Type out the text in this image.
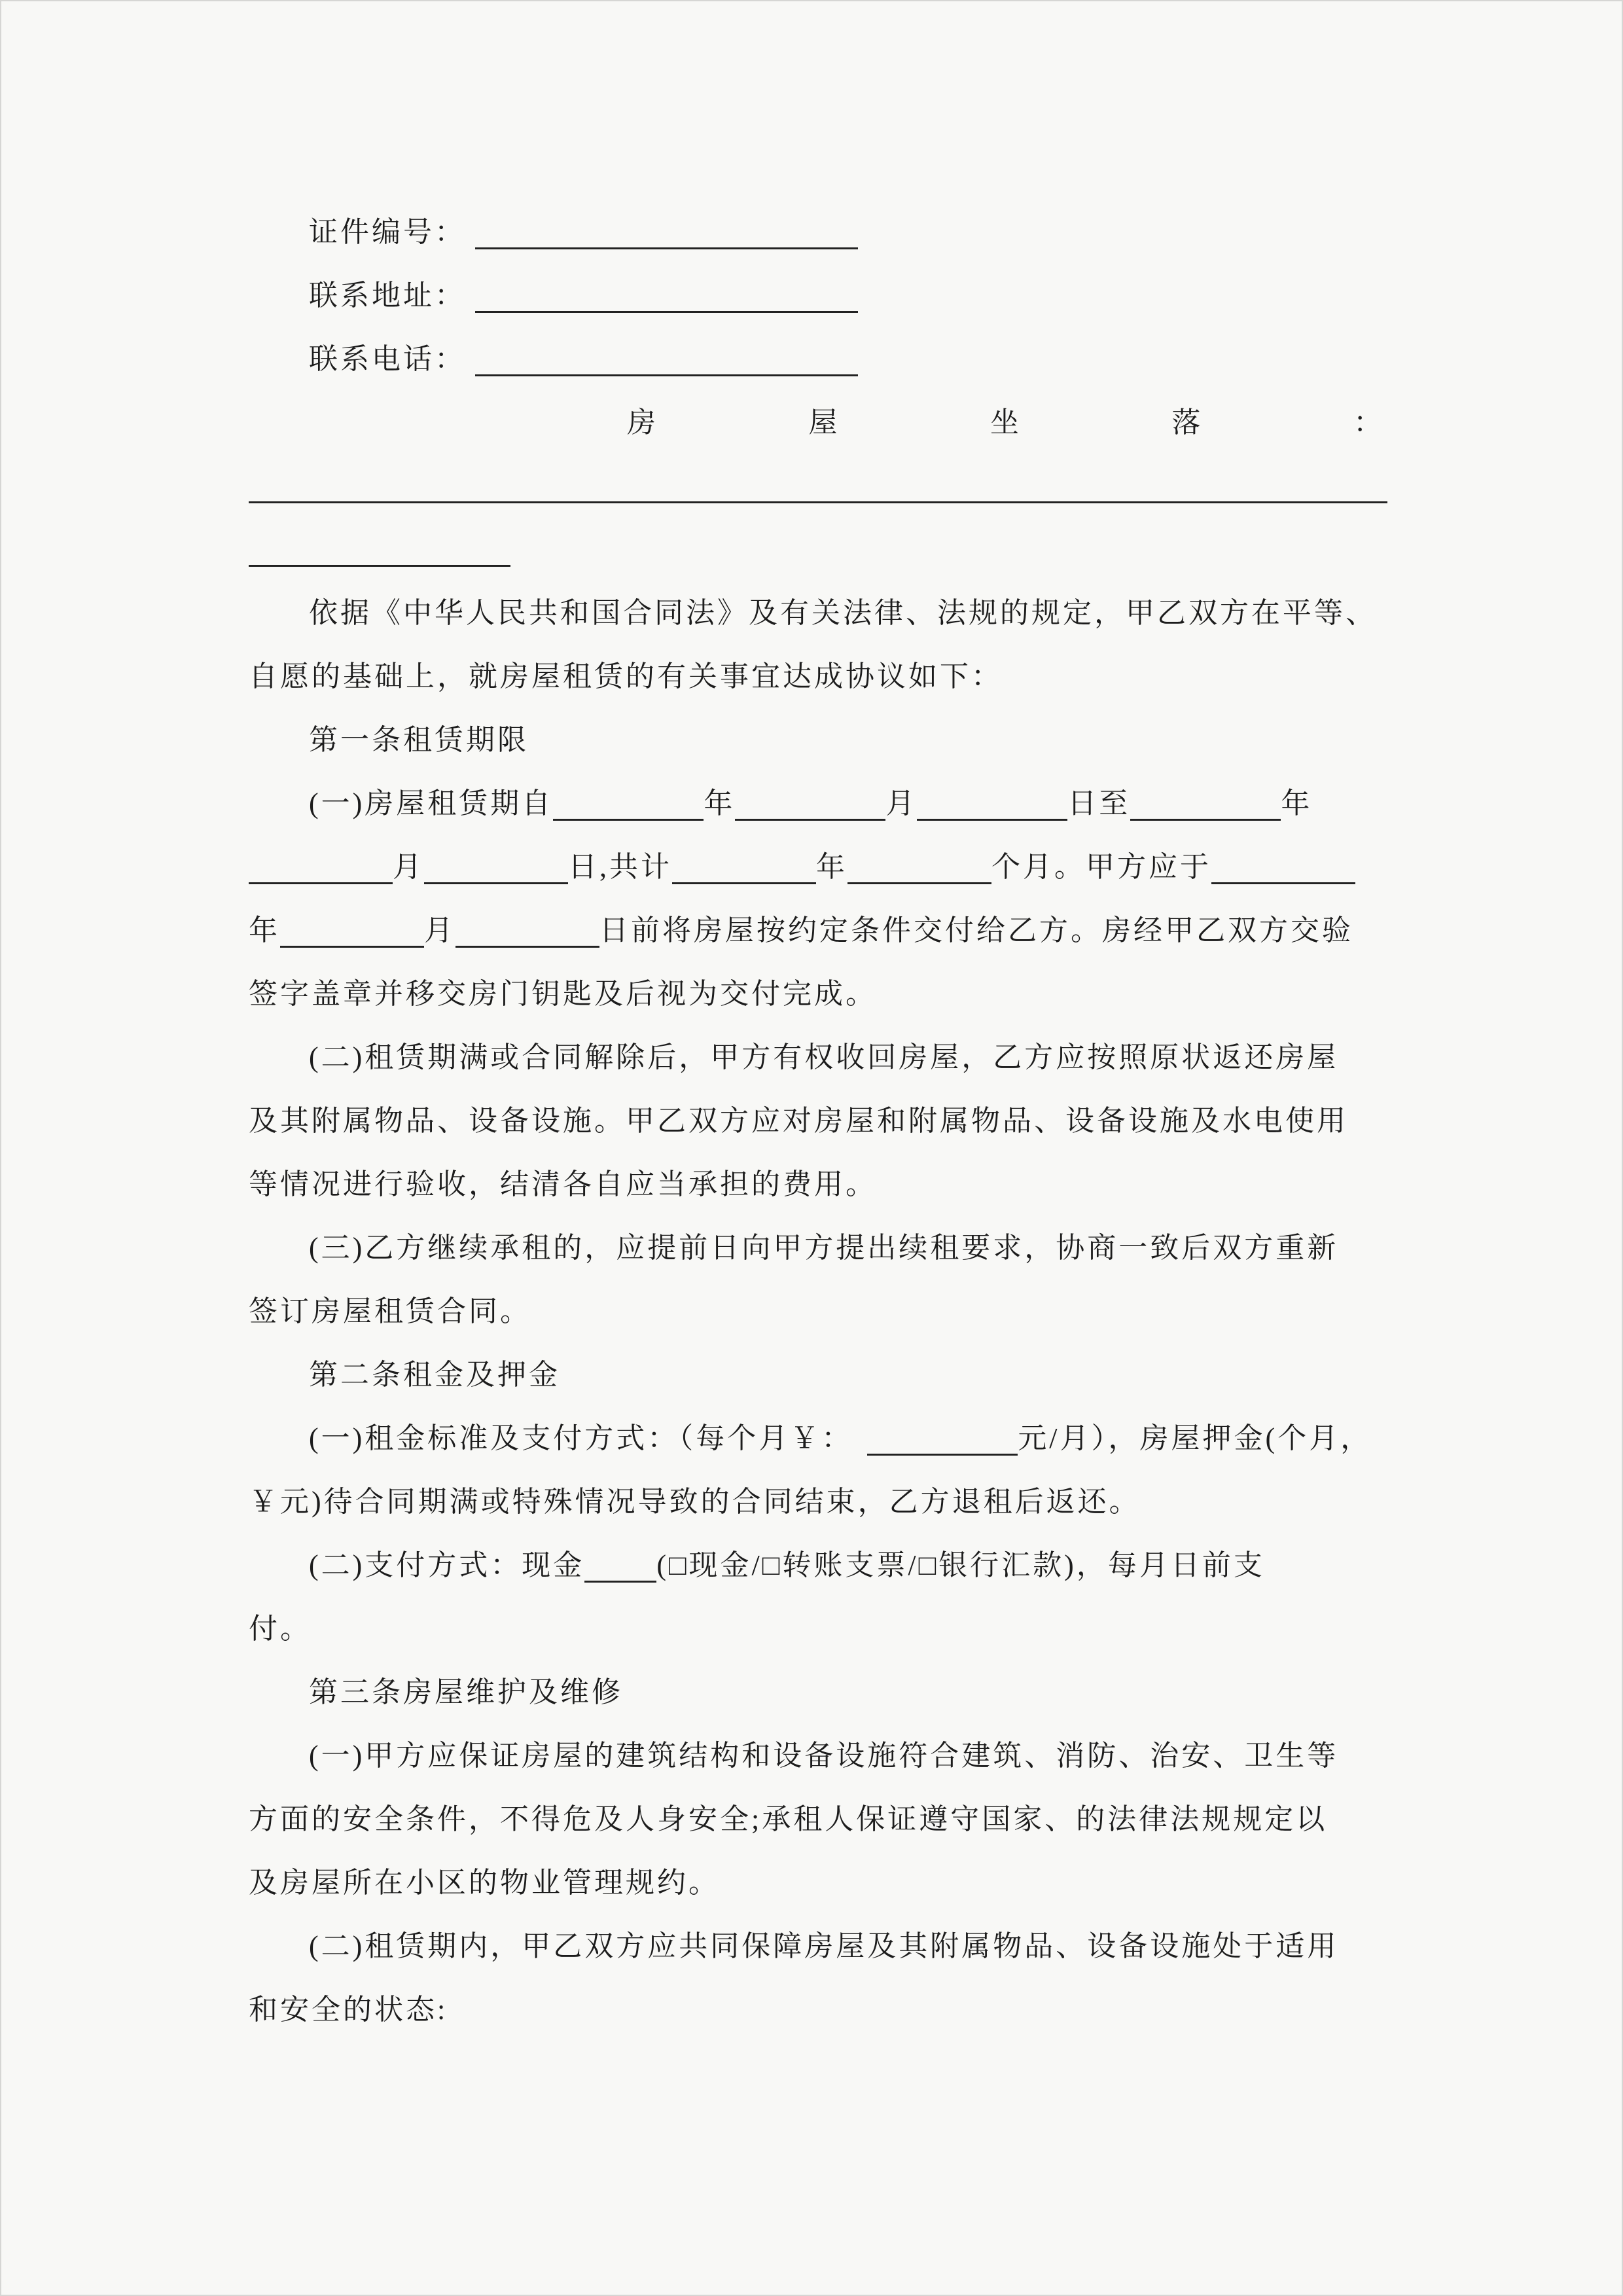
证件编号：
联系地址：
联系电话：
房	屋	坐	落	：
依据《中华人民共和国合同法》及有关法律、法规的规定，甲乙双方在平等、
自愿的基础上，就房屋租赁的有关事宜达成协议如下：
第一条租赁期限
(一)房屋租赁期自	年	月	日至	年
月	日,共计	年	个月。甲方应于
年	月	日前将房屋按约定条件交付给乙方。房经甲乙双方交验
签字盖章并移交房门钥匙及后视为交付完成。
(二)租赁期满或合同解除后，甲方有权收回房屋，乙方应按照原状返还房屋
及其附属物品、设备设施。甲乙双方应对房屋和附属物品、设备设施及水电使用
等情况进行验收，结清各自应当承担的费用。
(三)乙方继续承租的，应提前日向甲方提出续租要求，协商一致后双方重新
签订房屋租赁合同。
第二条租金及押金
(一)租金标准及支付方式：（每个月￥：	元/月），房屋押金(个月，
￥元)待合同期满或特殊情况导致的合同结束，乙方退租后返还。
(二)支付方式：现金	(□现金/□转账支票/□银行汇款)，每月日前支
付。
第三条房屋维护及维修
(一)甲方应保证房屋的建筑结构和设备设施符合建筑、消防、治安、卫生等
方面的安全条件，不得危及人身安全;承租人保证遵守国家、的法律法规规定以
及房屋所在小区的物业管理规约。
(二)租赁期内，甲乙双方应共同保障房屋及其附属物品、设备设施处于适用
和安全的状态:
